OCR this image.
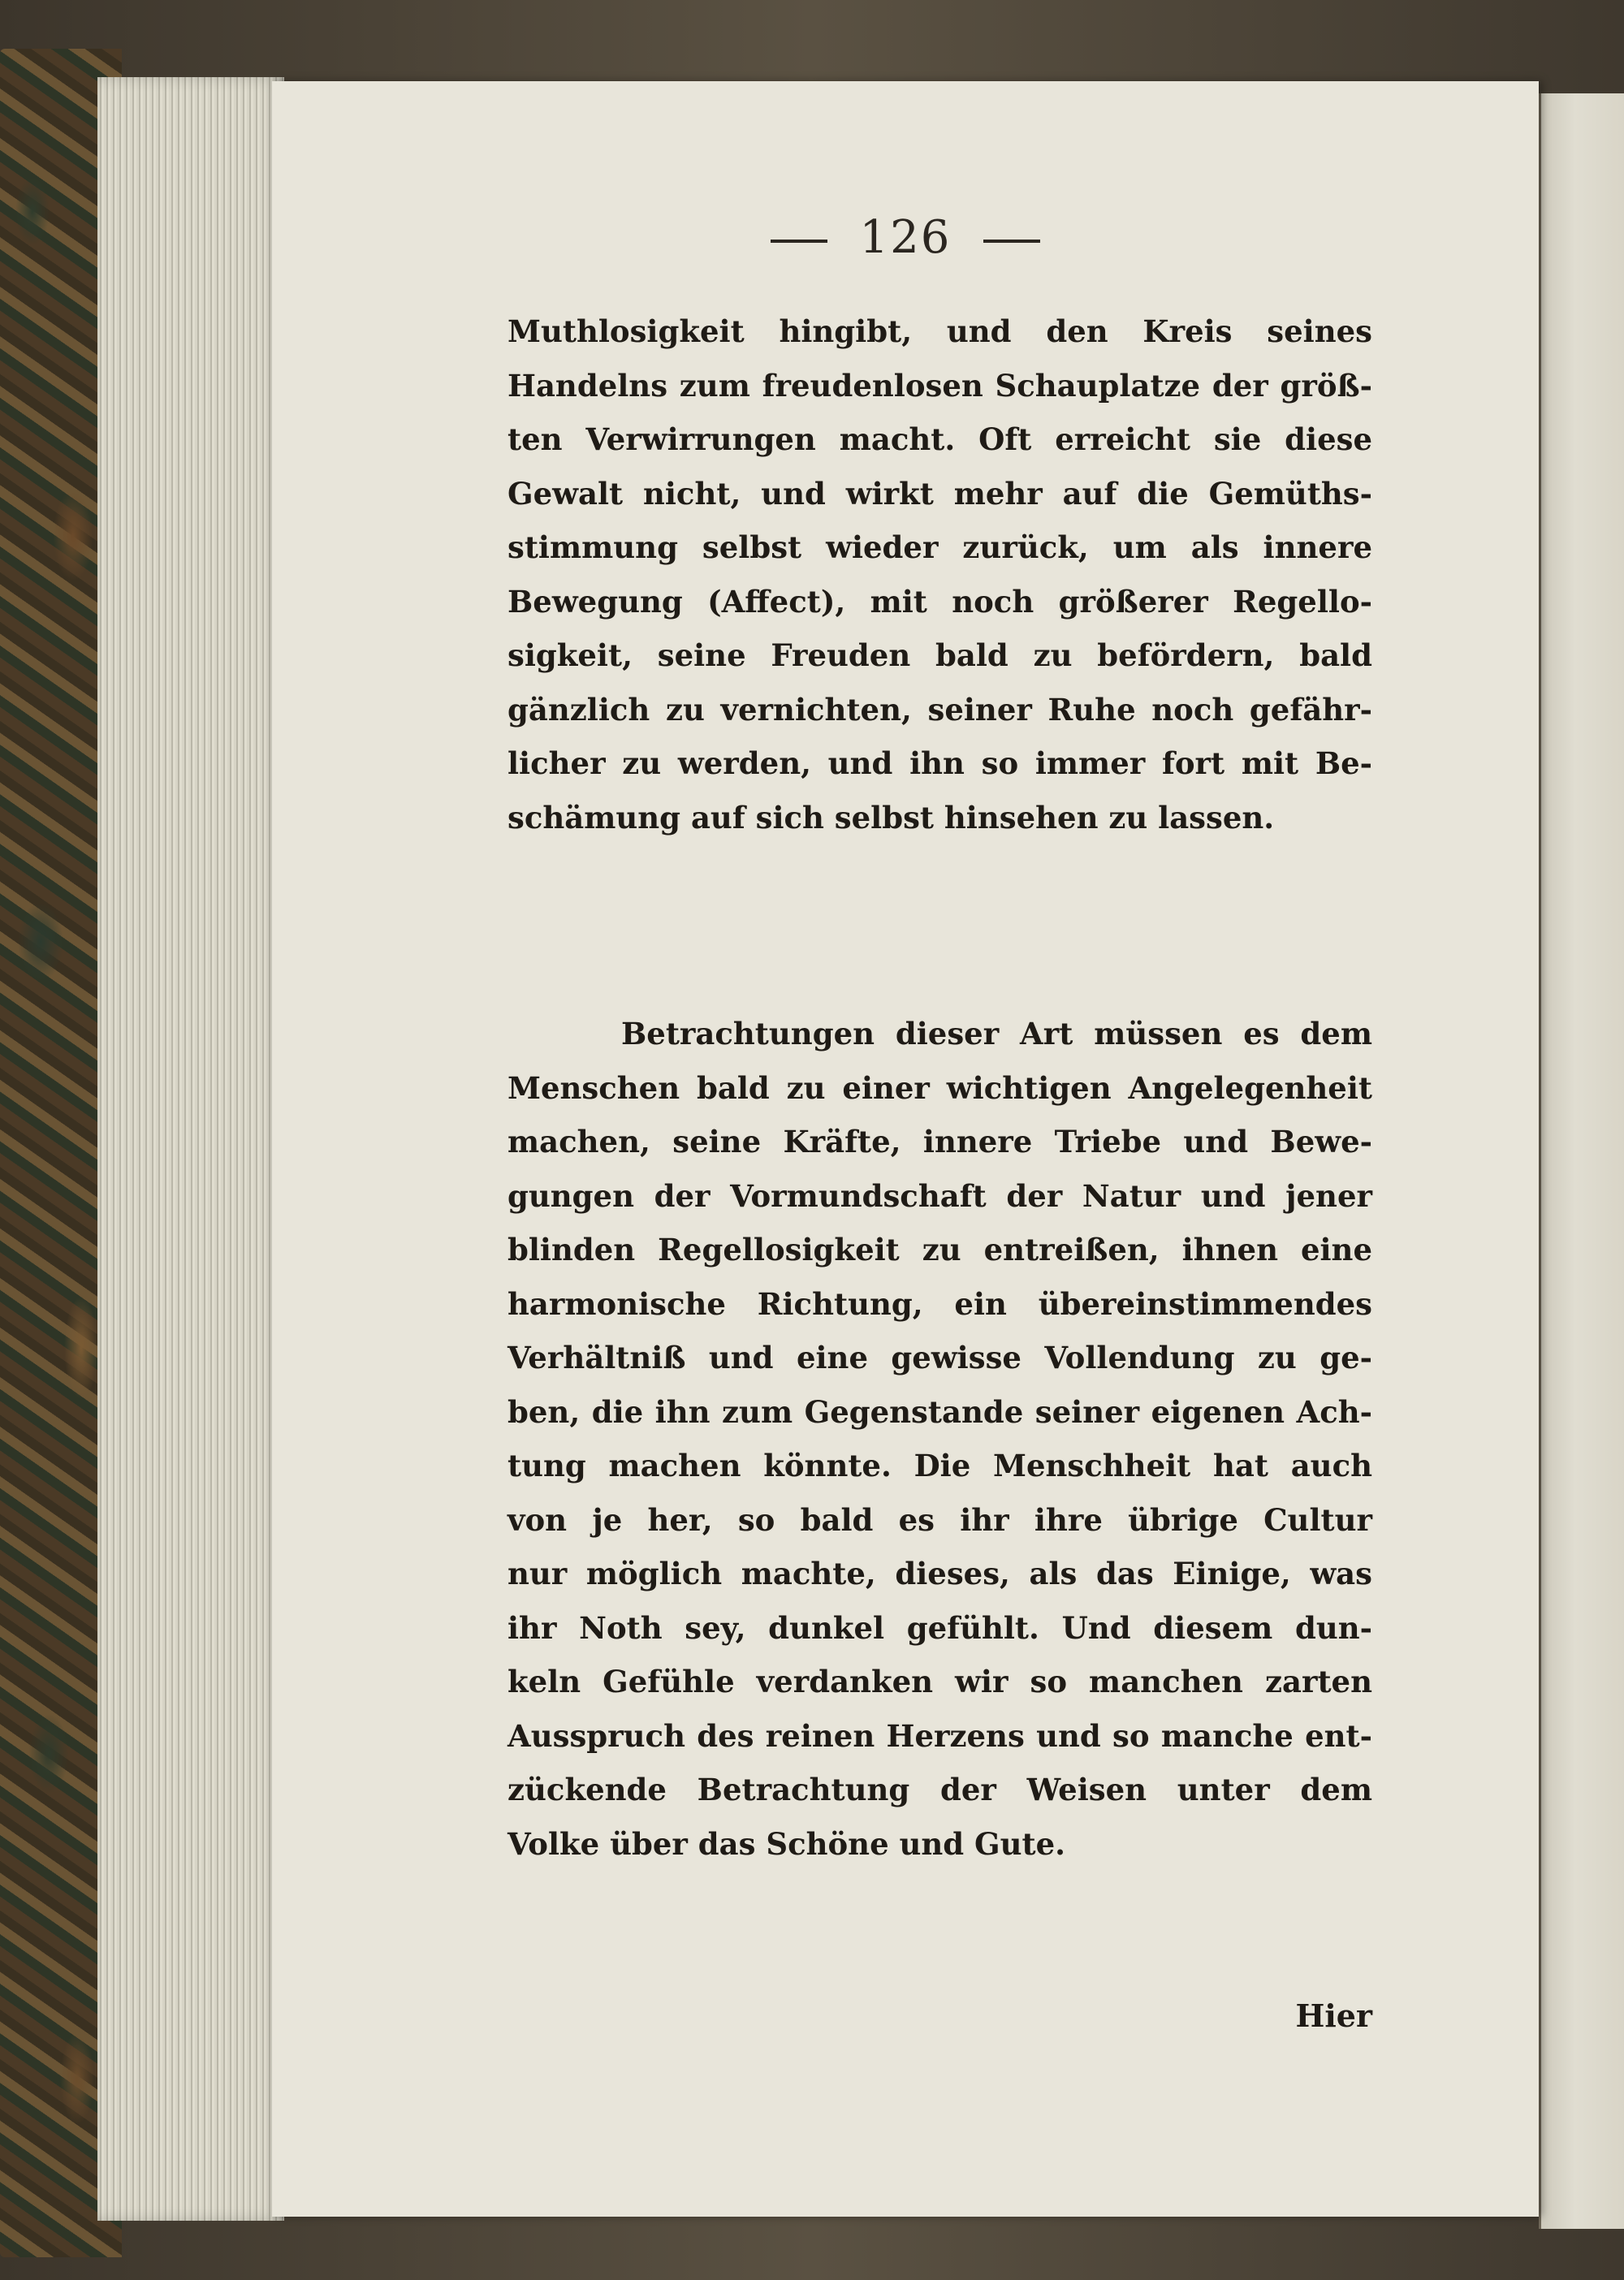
126
Muthlosigkeit hingibt, und den Kreis seines
Handelns zum freudenlosen Schauplatze der größ-
ten Verwirrungen macht. Oft erreicht sie diese
Gewalt nicht, und wirkt mehr auf die Gemüths-
stimmung selbst wieder zurück, um als innere
Bewegung (Affect), mit noch größerer Regello-
sigkeit, seine Freuden bald zu befördern, bald
gänzlich zu vernichten, seiner Ruhe noch gefähr-
licher zu werden, und ihn so immer fort mit Be-
schämung auf sich selbst hinsehen zu lassen.
Betrachtungen dieser Art müssen es dem
Menschen bald zu einer wichtigen Angelegenheit
machen, seine Kräfte, innere Triebe und Bewe-
gungen der Vormundschaft der Natur und jener
blinden Regellosigkeit zu entreißen, ihnen eine
harmonische Richtung, ein übereinstimmendes
Verhältniß und eine gewisse Vollendung zu ge-
ben, die ihn zum Gegenstande seiner eigenen Ach-
tung machen könnte. Die Menschheit hat auch
von je her, so bald es ihr ihre übrige Cultur
nur möglich machte, dieses, als das Einige, was
ihr Noth sey, dunkel gefühlt. Und diesem dun-
keln Gefühle verdanken wir so manchen zarten
Ausspruch des reinen Herzens und so manche ent-
zückende Betrachtung der Weisen unter dem
Volke über das Schöne und Gute.
Hier
